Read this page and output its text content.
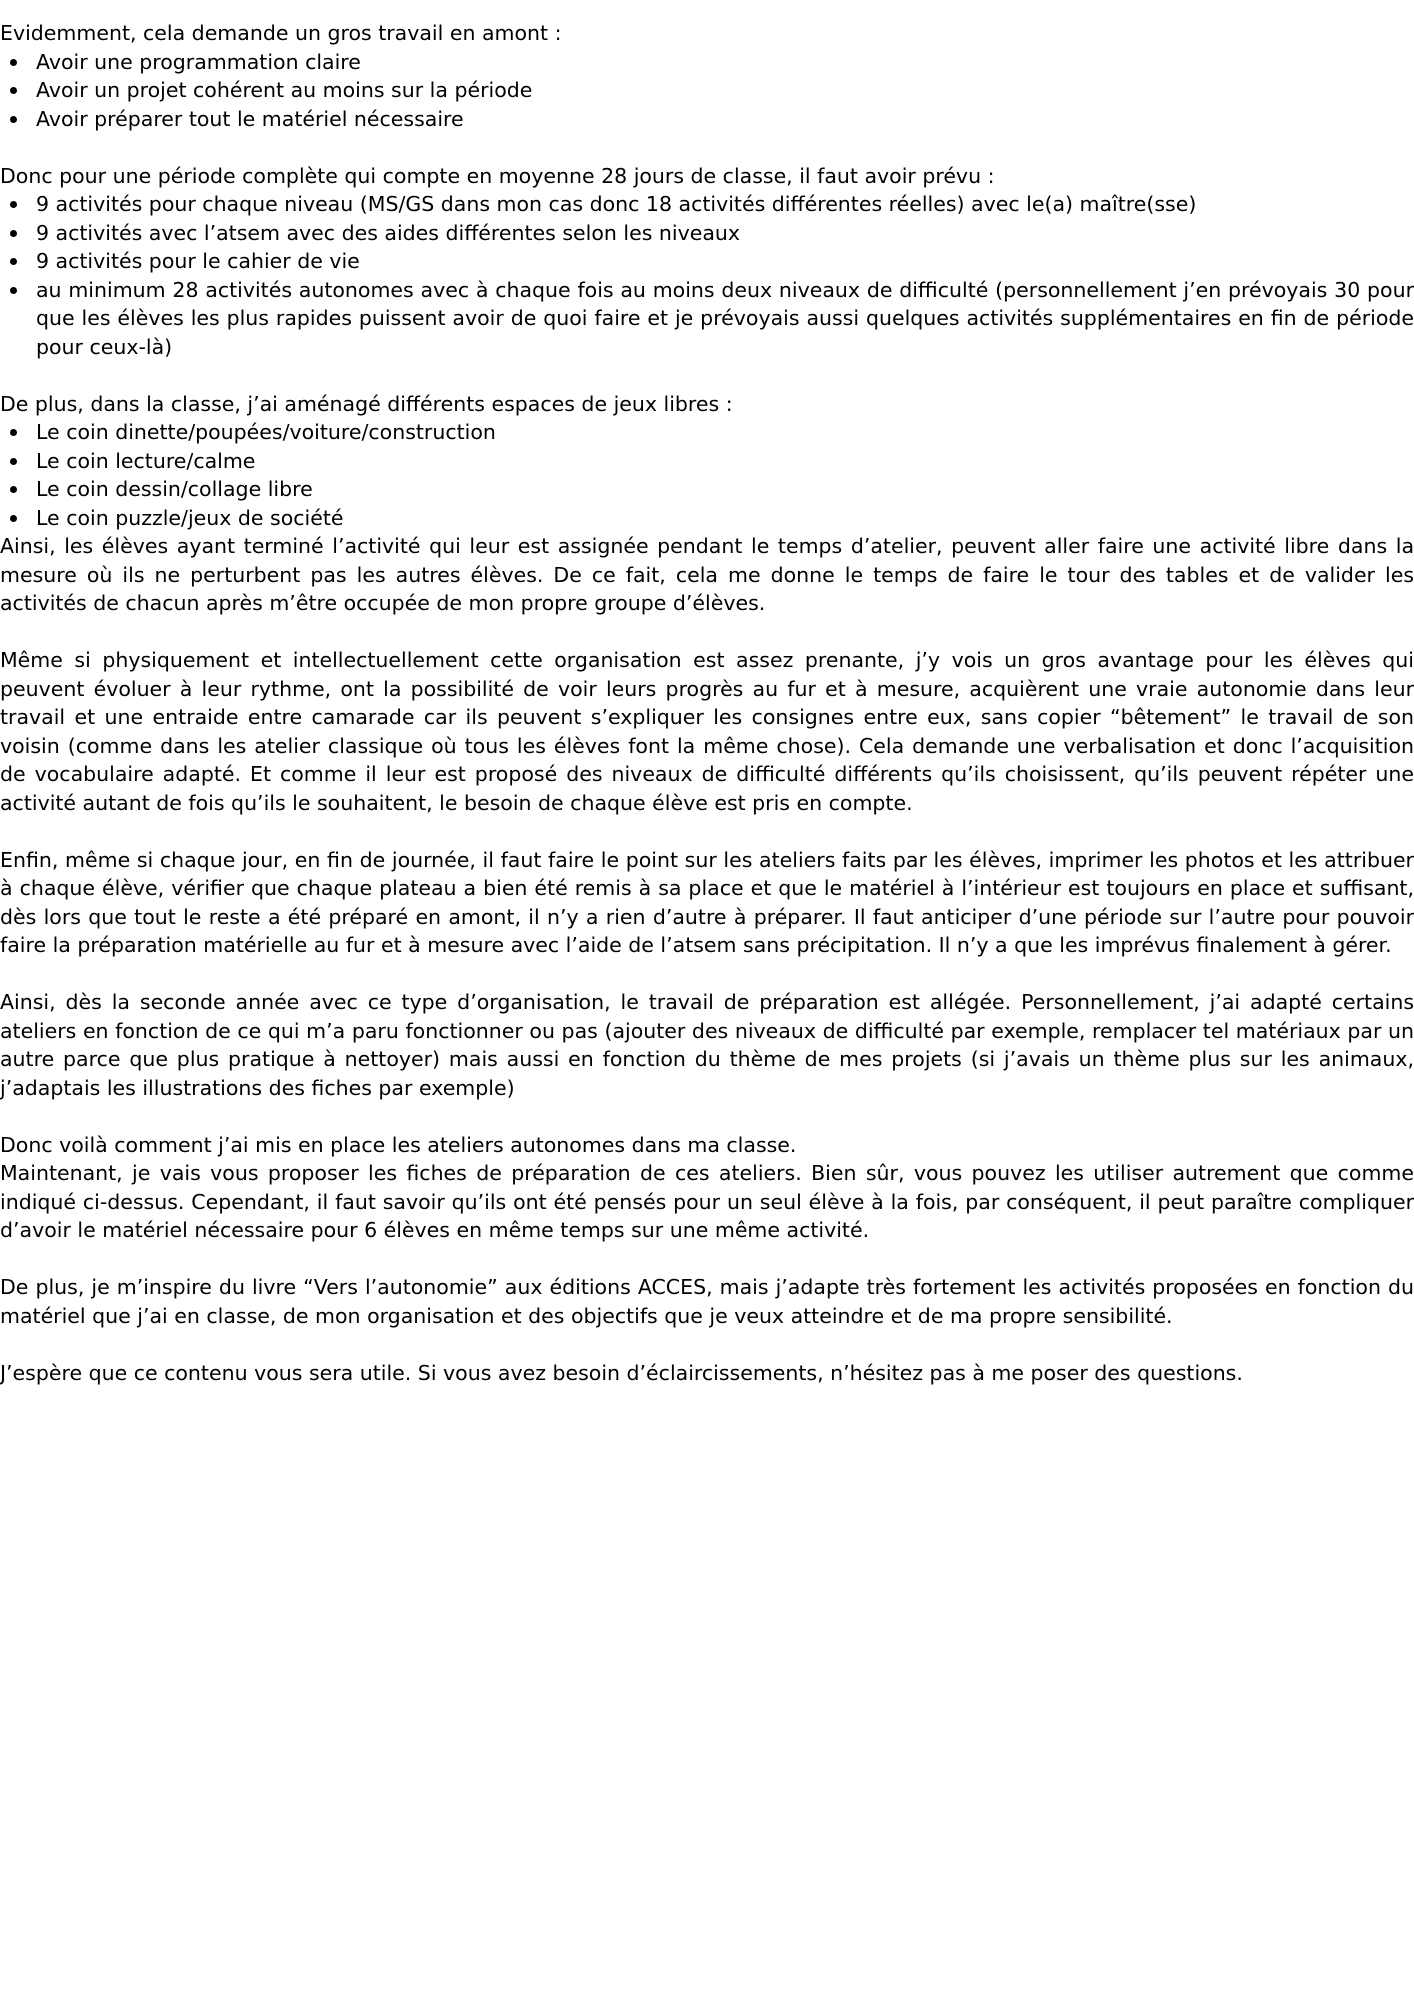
Evidemment, cela demande un gros travail en amont :

Avoir une programmation claire
Avoir un projet cohérent au moins sur la période
Avoir préparer tout le matériel nécessaire

Donc pour une période complète qui compte en moyenne 28 jours de classe, il faut avoir prévu :

9 activités pour chaque niveau (MS/GS dans mon cas donc 18 activités différentes réelles) avec le(a) maître(sse)
9 activités avec l’atsem avec des aides différentes selon les niveaux
9 activités pour le cahier de vie
au minimum 28 activités autonomes avec à chaque fois au moins deux niveaux de difficulté (personnellement j’en prévoyais 30 pour que les élèves les plus rapides puissent avoir de quoi faire et je prévoyais aussi quelques activités supplémentaires en fin de période pour ceux-là)

De plus, dans la classe, j’ai aménagé différents espaces de jeux libres :

Le coin dinette/poupées/voiture/construction
Le coin lecture/calme
Le coin dessin/collage libre
Le coin puzzle/jeux de société

Ainsi, les élèves ayant terminé l’activité qui leur est assignée pendant le temps d’atelier, peuvent aller faire une activité libre dans la mesure où ils ne perturbent pas les autres élèves. De ce fait, cela me donne le temps de faire le tour des tables et de valider les activités de chacun après m’être occupée de mon propre groupe d’élèves.

Même si physiquement et intellectuellement cette organisation est assez prenante, j’y vois un gros avantage pour les élèves qui peuvent évoluer à leur rythme, ont la possibilité de voir leurs progrès au fur et à mesure, acquièrent une vraie autonomie dans leur travail et une entraide entre camarade car ils peuvent s’expliquer les consignes entre eux, sans copier “bêtement” le travail de son voisin (comme dans les atelier classique où tous les élèves font la même chose). Cela demande une verbalisation et donc l’acquisition de vocabulaire adapté. Et comme il leur est proposé des niveaux de difficulté différents qu’ils choisissent, qu’ils peuvent répéter une activité autant de fois qu’ils le souhaitent, le besoin de chaque élève est pris en compte.

Enfin, même si chaque jour, en fin de journée, il faut faire le point sur les ateliers faits par les élèves, imprimer les photos et les attribuer à chaque élève, vérifier que chaque plateau a bien été remis à sa place et que le matériel à l’intérieur est toujours en place et suffisant, dès lors que tout le reste a été préparé en amont, il n’y a rien d’autre à préparer. Il faut anticiper d’une période sur l’autre pour pouvoir faire la préparation matérielle au fur et à mesure avec l’aide de l’atsem sans précipitation. Il n’y a que les imprévus finalement à gérer.

Ainsi, dès la seconde année avec ce type d’organisation, le travail de préparation est allégée. Personnellement, j’ai adapté certains ateliers en fonction de ce qui m’a paru fonctionner ou pas (ajouter des niveaux de difficulté par exemple, remplacer tel matériaux par un autre parce que plus pratique à nettoyer) mais aussi en fonction du thème de mes projets (si j’avais un thème plus sur les animaux, j’adaptais les illustrations des fiches par exemple)

Donc voilà comment j’ai mis en place les ateliers autonomes dans ma classe.

Maintenant, je vais vous proposer les fiches de préparation de ces ateliers. Bien sûr, vous pouvez les utiliser autrement que comme indiqué ci-dessus. Cependant, il faut savoir qu’ils ont été pensés pour un seul élève à la fois, par conséquent, il peut paraître compliquer d’avoir le matériel nécessaire pour 6 élèves en même temps sur une même activité.

De plus, je m’inspire du livre “Vers l’autonomie” aux éditions ACCES, mais j’adapte très fortement les activités proposées en fonction du matériel que j’ai en classe, de mon organisation et des objectifs que je veux atteindre et de ma propre sensibilité.

J’espère que ce contenu vous sera utile. Si vous avez besoin d’éclaircissements, n’hésitez pas à me poser des questions.
